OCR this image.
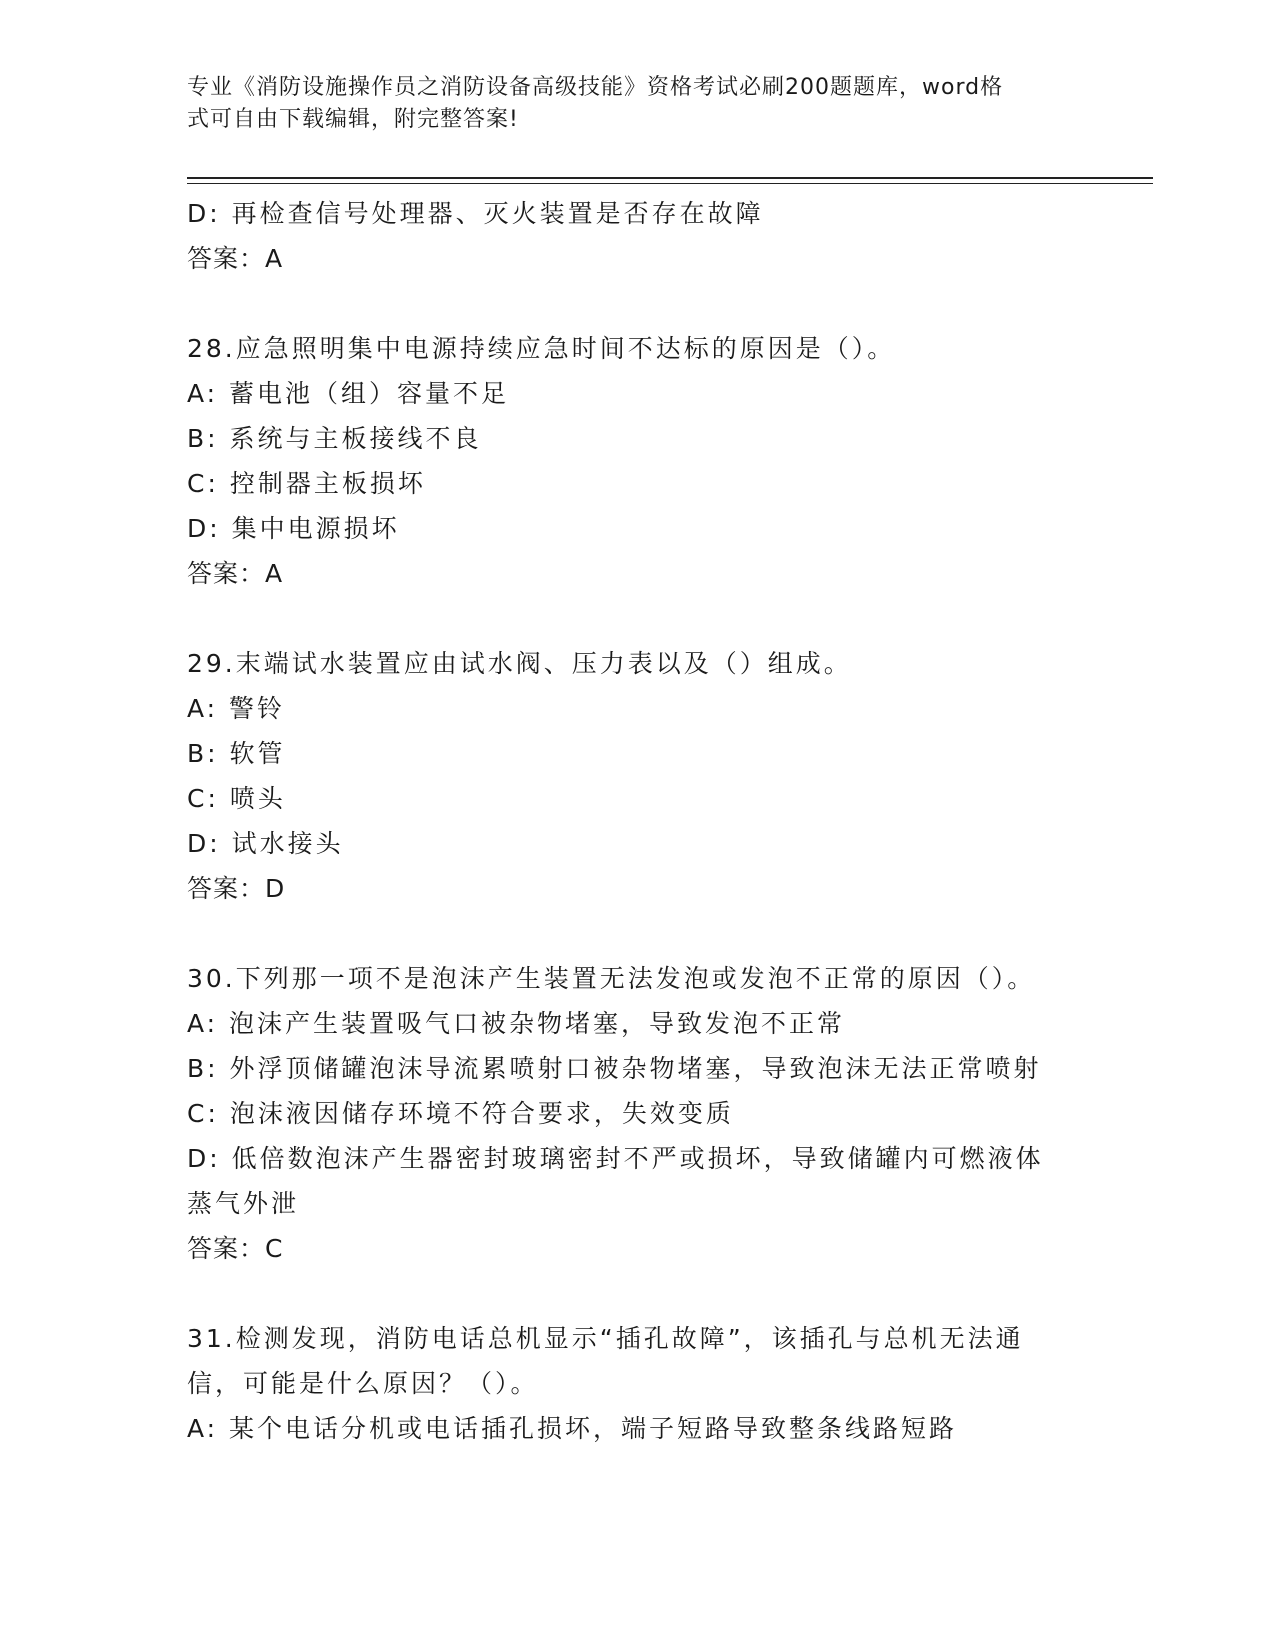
专业《消防设施操作员之消防设备高级技能》资格考试必刷200题题库，word格
式可自由下载编辑，附完整答案!
D: 再检查信号处理器、灭火装置是否存在故障
答案：A
28.应急照明集中电源持续应急时间不达标的原因是（）。
A: 蓄电池（组）容量不足
B: 系统与主板接线不良
C: 控制器主板损坏
D: 集中电源损坏
答案：A
29.末端试水装置应由试水阀、压力表以及（）组成。
A: 警铃
B: 软管
C: 喷头
D: 试水接头
答案：D
30.下列那一项不是泡沫产生装置无法发泡或发泡不正常的原因（）。
A: 泡沫产生装置吸气口被杂物堵塞，导致发泡不正常
B: 外浮顶储罐泡沫导流累喷射口被杂物堵塞，导致泡沫无法正常喷射
C: 泡沫液因储存环境不符合要求，失效变质
D: 低倍数泡沫产生器密封玻璃密封不严或损坏，导致储罐内可燃液体蒸气外泄
答案：C
31.检测发现，消防电话总机显示“插孔故障”，该插孔与总机无法通信，可能是什么原因？（）。
A: 某个电话分机或电话插孔损坏，端子短路导致整条线路短路
